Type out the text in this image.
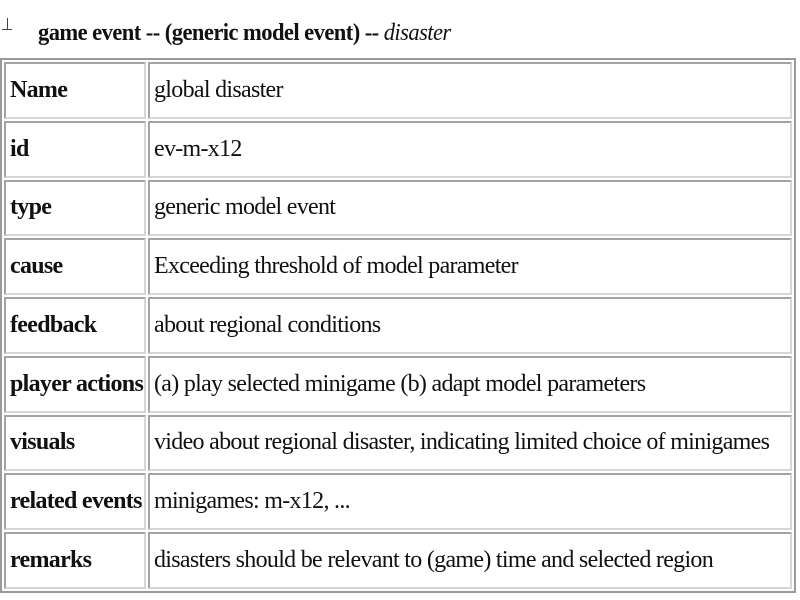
game event -- (generic model event) -- disaster
Name	global disaster
id	ev-m-x12
type	generic model event
cause	Exceeding threshold of model parameter
feedback	about regional conditions
player actions	(a) play selected minigame (b) adapt model parameters
visuals	video about regional disaster, indicating limited choice of minigames
related events	minigames: m-x12, ...
remarks	disasters should be relevant to (game) time and selected region
